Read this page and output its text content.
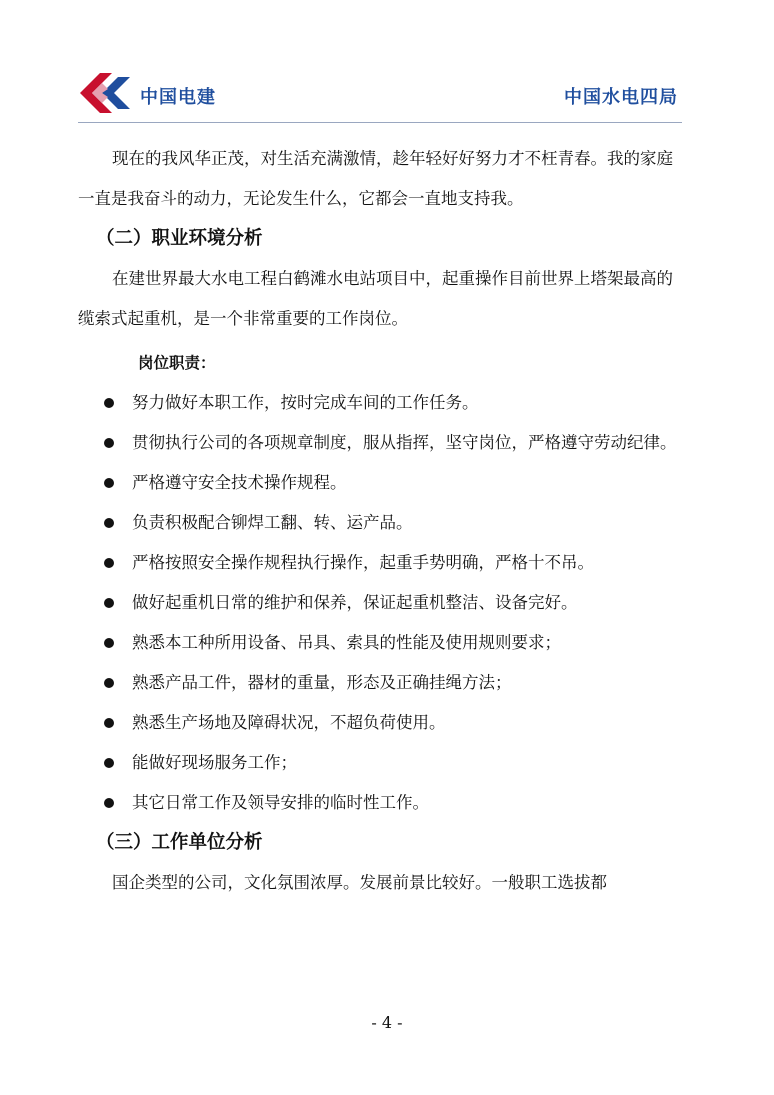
中国电建	中国水电四局

现在的我风华正茂，对生活充满激情，趁年轻好好努力才不枉青春。我的家庭一直是我奋斗的动力，无论发生什么，它都会一直地支持我。

（二）职业环境分析

在建世界最大水电工程白鹤滩水电站项目中，起重操作目前世界上塔架最高的缆索式起重机，是一个非常重要的工作岗位。

岗位职责：
努力做好本职工作，按时完成车间的工作任务。
贯彻执行公司的各项规章制度，服从指挥，坚守岗位，严格遵守劳动纪律。
严格遵守安全技术操作规程。
负责积极配合铆焊工翻、转、运产品。
严格按照安全操作规程执行操作，起重手势明确，严格十不吊。
做好起重机日常的维护和保养，保证起重机整洁、设备完好。
熟悉本工种所用设备、吊具、索具的性能及使用规则要求；
熟悉产品工件，器材的重量，形态及正确挂绳方法；
熟悉生产场地及障碍状况，不超负荷使用。
能做好现场服务工作；
其它日常工作及领导安排的临时性工作。
（三）工作单位分析

国企类型的公司，文化氛围浓厚。发展前景比较好。一般职工选拔都

- 4 -
